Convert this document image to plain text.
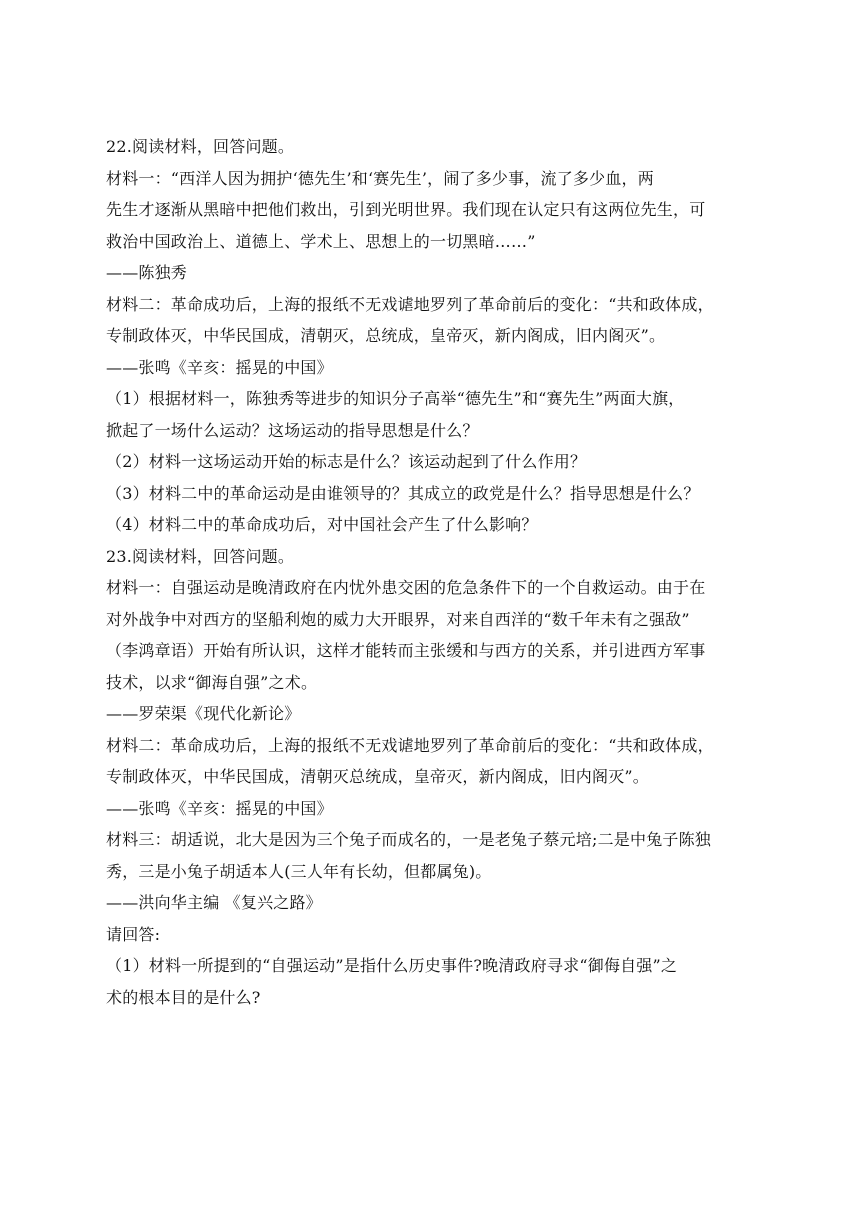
22.阅读材料，回答问题。

材料一：“西洋人因为拥护‘德先生’和‘赛先生’，闹了多少事，流了多少血，两

先生才逐渐从黑暗中把他们救出，引到光明世界。我们现在认定只有这两位先生，可

救治中国政治上、道德上、学术上、思想上的一切黑暗……”

——陈独秀

材料二：革命成功后，上海的报纸不无戏谑地罗列了革命前后的变化：“共和政体成，

专制政体灭，中华民国成，清朝灭，总统成，皇帝灭，新内阁成，旧内阁灭”。

——张鸣《辛亥：摇晃的中国》

（1）根据材料一，陈独秀等进步的知识分子高举“德先生”和“赛先生”两面大旗，

掀起了一场什么运动？这场运动的指导思想是什么？

（2）材料一这场运动开始的标志是什么？该运动起到了什么作用？

（3）材料二中的革命运动是由谁领导的？其成立的政党是什么？指导思想是什么？

（4）材料二中的革命成功后，对中国社会产生了什么影响？

23.阅读材料，回答问题。

材料一：自强运动是晚清政府在内忧外患交困的危急条件下的一个自救运动。由于在

对外战争中对西方的坚船利炮的威力大开眼界，对来自西洋的“数千年未有之强敌”

（李鸿章语）开始有所认识，这样才能转而主张缓和与西方的关系，并引进西方军事

技术，以求“御海自强”之术。

——罗荣渠《现代化新论》

材料二：革命成功后，上海的报纸不无戏谑地罗列了革命前后的变化：“共和政体成，

专制政体灭，中华民国成，清朝灭总统成，皇帝灭，新内阁成，旧内阁灭”。

——张鸣《辛亥：摇晃的中国》

材料三：胡适说，北大是因为三个兔子而成名的，一是老兔子蔡元培;二是中兔子陈独

秀，三是小兔子胡适本人(三人年有长幼，但都属兔)。

——洪向华主编 《复兴之路》

请回答:

（1）材料一所提到的“自强运动”是指什么历史事件?晚清政府寻求“御侮自强”之

术的根本目的是什么?
